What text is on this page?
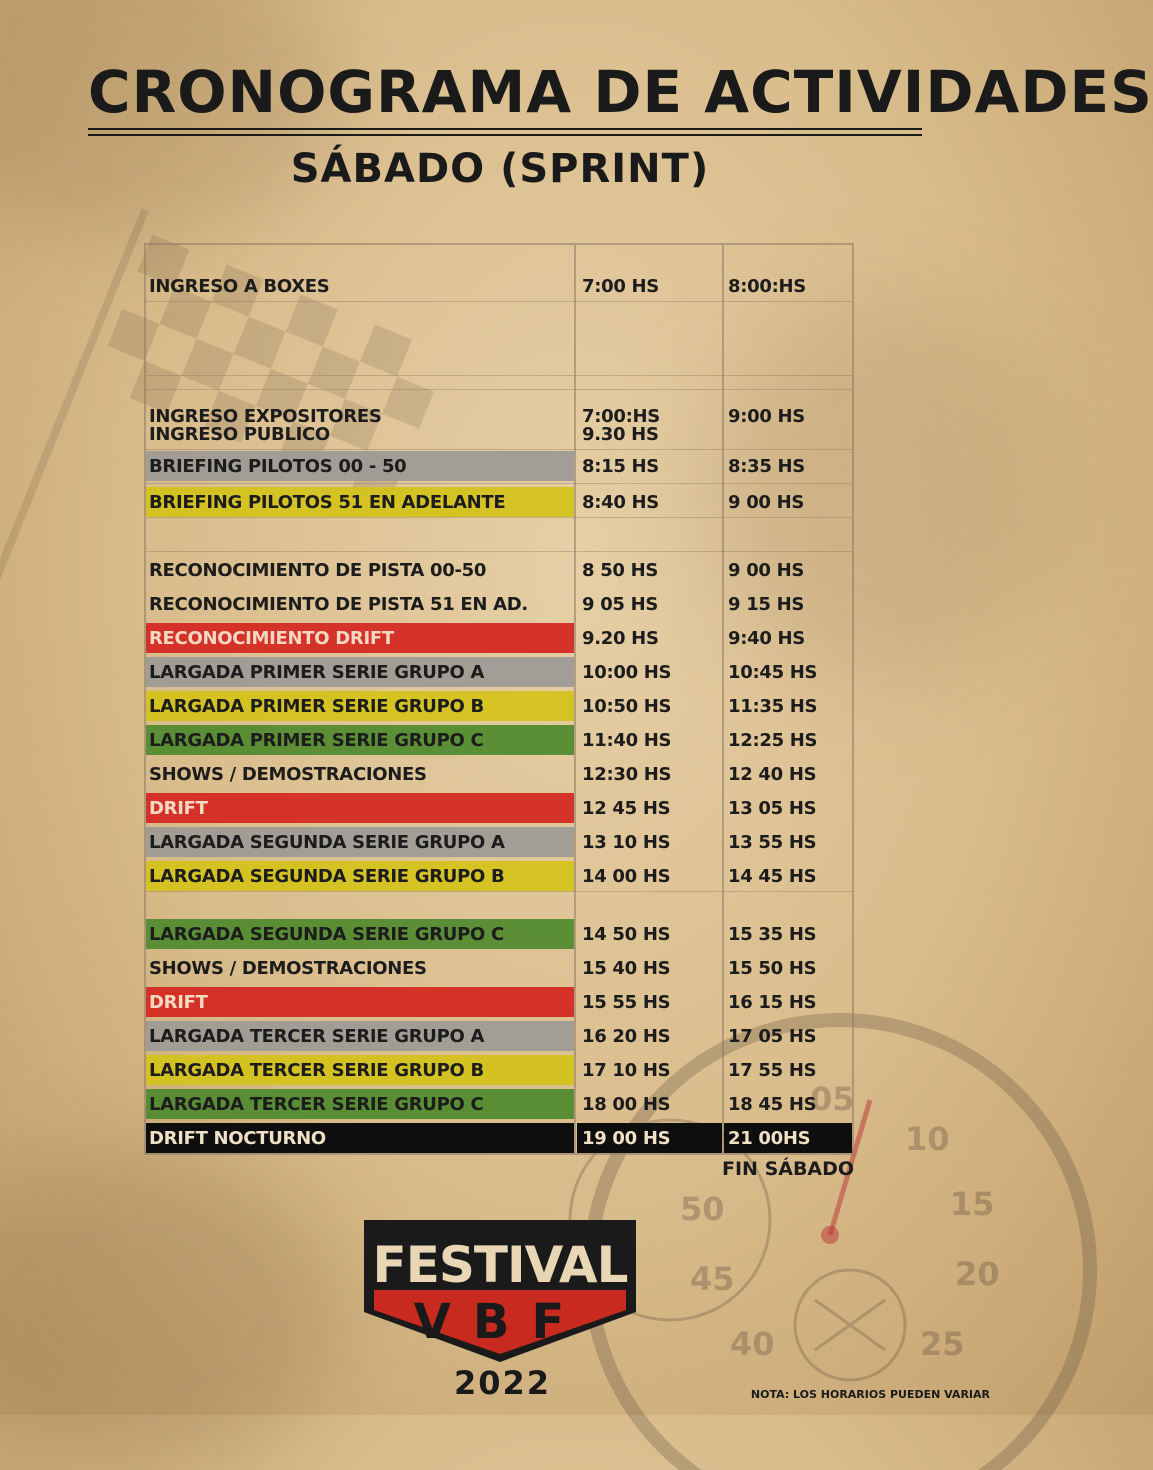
05
10
15
20
25
40
45
50
CRONOGRAMA DE ACTIVIDADES
SÁBADO (SPRINT)
INGRESO A BOXES	7:00 HS	8:00:HS
INGRESO EXPOSITORES	7:00:HS	9:00 HS
INGRESO PUBLICO	9.30 HS
BRIEFING PILOTOS 00 - 50	8:15 HS	8:35 HS
BRIEFING PILOTOS 51 EN ADELANTE	8:40 HS	9 00 HS
RECONOCIMIENTO DE PISTA 00-50	8 50 HS	9 00 HS
RECONOCIMIENTO DE PISTA 51 EN AD.	9 05 HS	9 15 HS
RECONOCIMIENTO DRIFT	9.20 HS	9:40 HS
LARGADA PRIMER SERIE GRUPO A	10:00 HS	10:45 HS
LARGADA PRIMER SERIE GRUPO B	10:50 HS	11:35 HS
LARGADA PRIMER SERIE GRUPO C	11:40 HS	12:25 HS
SHOWS / DEMOSTRACIONES	12:30 HS	12 40 HS
DRIFT	12 45 HS	13 05 HS
LARGADA SEGUNDA SERIE GRUPO A	13 10 HS	13 55 HS
LARGADA SEGUNDA SERIE GRUPO B	14 00 HS	14 45 HS
LARGADA SEGUNDA SERIE GRUPO C	14 50 HS	15 35 HS
SHOWS / DEMOSTRACIONES	15 40 HS	15 50 HS
DRIFT	15 55 HS	16 15 HS
LARGADA TERCER SERIE GRUPO A	16 20 HS	17 05 HS
LARGADA TERCER SERIE GRUPO B	17 10 HS	17 55 HS
LARGADA TERCER SERIE GRUPO C	18 00 HS	18 45 HS
DRIFT NOCTURNO	19 00 HS	21 00HS
FIN SÁBADO
FESTIVAL
VBF
2022	NOTA: LOS HORARIOS PUEDEN VARIAR
